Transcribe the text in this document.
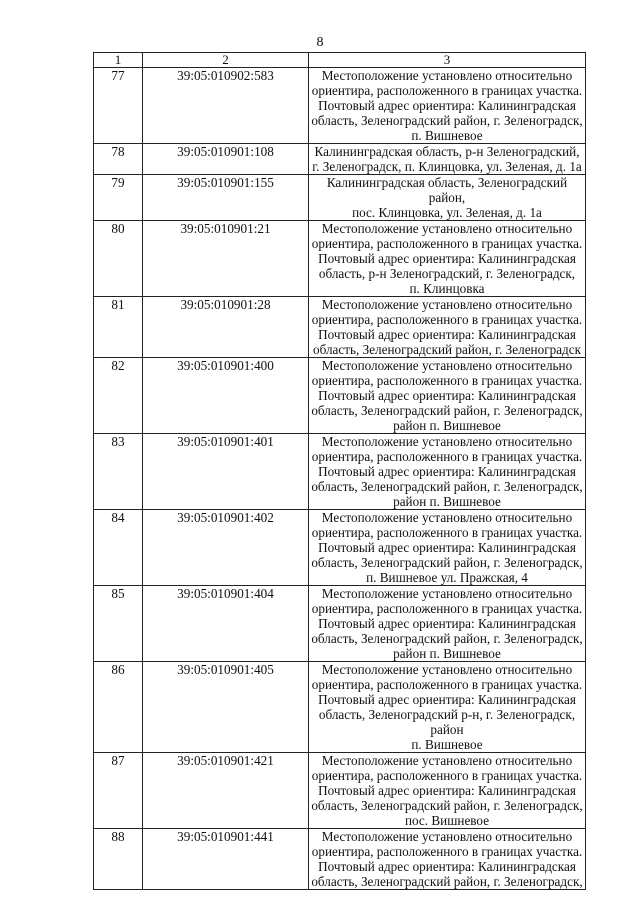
8
1	2	3
77	39:05:010902:583	Местоположение установлено относительно
ориентира, расположенного в границах участка.
Почтовый адрес ориентира: Калининградская
область, Зеленоградский район, г. Зеленоградск,
п. Вишневое
78	39:05:010901:108	Калининградская область, р-н Зеленоградский,
г. Зеленоградск, п. Клинцовка, ул. Зеленая, д. 1а
79	39:05:010901:155	Калининградская область, Зеленоградский район,
пос. Клинцовка, ул. Зеленая, д. 1а
80	39:05:010901:21	Местоположение установлено относительно
ориентира, расположенного в границах участка.
Почтовый адрес ориентира: Калининградская
область, р-н Зеленоградский, г. Зеленоградск,
п. Клинцовка
81	39:05:010901:28	Местоположение установлено относительно
ориентира, расположенного в границах участка.
Почтовый адрес ориентира: Калининградская
область, Зеленоградский район, г. Зеленоградск
82	39:05:010901:400	Местоположение установлено относительно
ориентира, расположенного в границах участка.
Почтовый адрес ориентира: Калининградская
область, Зеленоградский район, г. Зеленоградск,
район п. Вишневое
83	39:05:010901:401	Местоположение установлено относительно
ориентира, расположенного в границах участка.
Почтовый адрес ориентира: Калининградская
область, Зеленоградский район, г. Зеленоградск,
район п. Вишневое
84	39:05:010901:402	Местоположение установлено относительно
ориентира, расположенного в границах участка.
Почтовый адрес ориентира: Калининградская
область, Зеленоградский район, г. Зеленоградск,
п. Вишневое ул. Пражская, 4
85	39:05:010901:404	Местоположение установлено относительно
ориентира, расположенного в границах участка.
Почтовый адрес ориентира: Калининградская
область, Зеленоградский район, г. Зеленоградск,
район п. Вишневое
86	39:05:010901:405	Местоположение установлено относительно
ориентира, расположенного в границах участка.
Почтовый адрес ориентира: Калининградская
область, Зеленоградский р-н, г. Зеленоградск, район
п. Вишневое
87	39:05:010901:421	Местоположение установлено относительно
ориентира, расположенного в границах участка.
Почтовый адрес ориентира: Калининградская
область, Зеленоградский район, г. Зеленоградск,
пос. Вишневое
88	39:05:010901:441	Местоположение установлено относительно
ориентира, расположенного в границах участка.
Почтовый адрес ориентира: Калининградская
область, Зеленоградский район, г. Зеленоградск,
